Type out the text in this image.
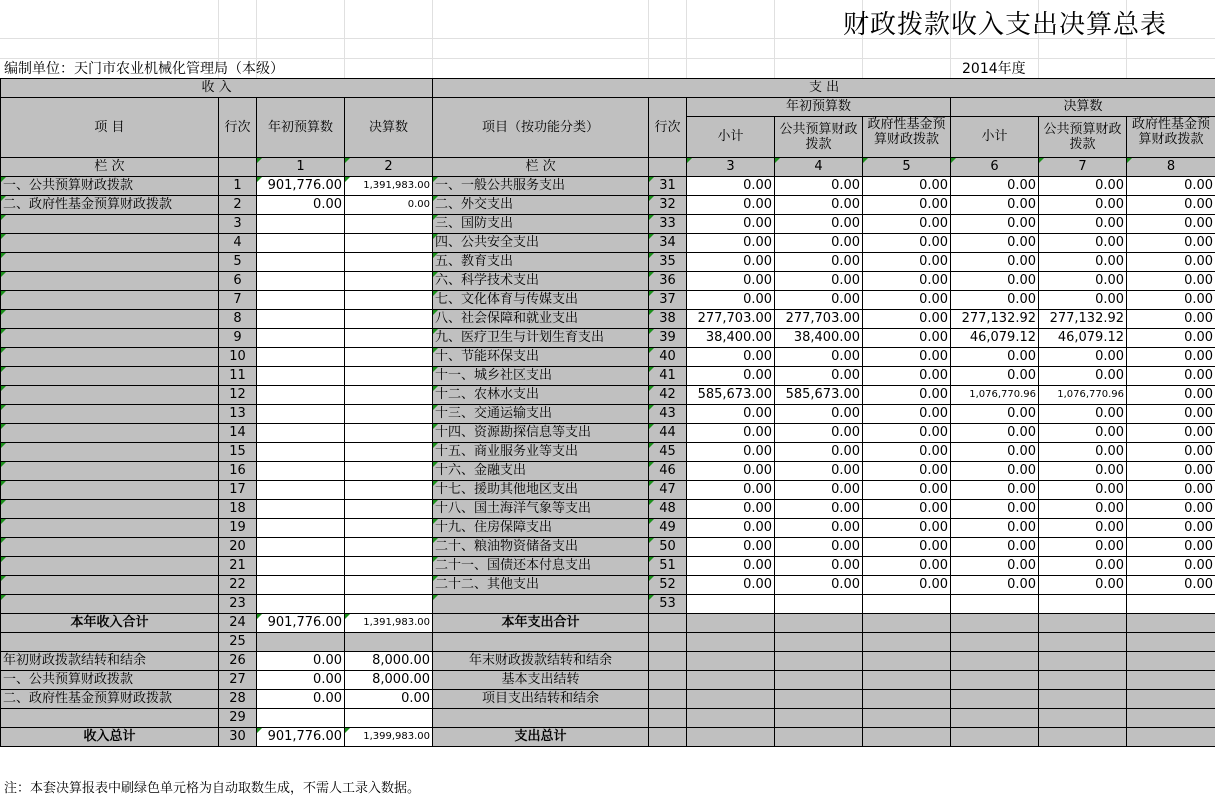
财政拨款收入支出决算总表
编制单位：天门市农业机械化管理局（本级）	2014年度
收 入				支 出							
项 目	行次	年初预算数	决算数	项目（按功能分类）	行次	年初预算数			决算数		
						小计	公共预算财政拨款	政府性基金预算财政拨款	小计	公共预算财政拨款	政府性基金预算财政拨款

栏 次		1	2	栏 次		3	4	5	6	7	8
一、公共预算财政拨款	1	901,776.00	1,391,983.00	一、一般公共服务支出	31	0.00	0.00	0.00	0.00	0.00	0.00
二、政府性基金预算财政拨款	2	0.00	0.00	二、外交支出	32	0.00	0.00	0.00	0.00	0.00	0.00
	3			三、国防支出	33	0.00	0.00	0.00	0.00	0.00	0.00
	4			四、公共安全支出	34	0.00	0.00	0.00	0.00	0.00	0.00
	5			五、教育支出	35	0.00	0.00	0.00	0.00	0.00	0.00
	6			六、科学技术支出	36	0.00	0.00	0.00	0.00	0.00	0.00
	7			七、文化体育与传媒支出	37	0.00	0.00	0.00	0.00	0.00	0.00
	8			八、社会保障和就业支出	38	277,703.00	277,703.00	0.00	277,132.92	277,132.92	0.00
	9			九、医疗卫生与计划生育支出	39	38,400.00	38,400.00	0.00	46,079.12	46,079.12	0.00
	10			十、节能环保支出	40	0.00	0.00	0.00	0.00	0.00	0.00
	11			十一、城乡社区支出	41	0.00	0.00	0.00	0.00	0.00	0.00
	12			十二、农林水支出	42	585,673.00	585,673.00	0.00	1,076,770.96	1,076,770.96	0.00
	13			十三、交通运输支出	43	0.00	0.00	0.00	0.00	0.00	0.00
	14			十四、资源勘探信息等支出	44	0.00	0.00	0.00	0.00	0.00	0.00
	15			十五、商业服务业等支出	45	0.00	0.00	0.00	0.00	0.00	0.00
	16			十六、金融支出	46	0.00	0.00	0.00	0.00	0.00	0.00
	17			十七、援助其他地区支出	47	0.00	0.00	0.00	0.00	0.00	0.00
	18			十八、国土海洋气象等支出	48	0.00	0.00	0.00	0.00	0.00	0.00
	19			十九、住房保障支出	49	0.00	0.00	0.00	0.00	0.00	0.00
	20			二十、粮油物资储备支出	50	0.00	0.00	0.00	0.00	0.00	0.00
	21			二十一、国债还本付息支出	51	0.00	0.00	0.00	0.00	0.00	0.00
	22			二十二、其他支出	52	0.00	0.00	0.00	0.00	0.00	0.00
	23				53						
本年收入合计	24	901,776.00	1,391,983.00	本年支出合计							
	25										
年初财政拨款结转和结余	26	0.00	8,000.00	年末财政拨款结转和结余							
一、公共预算财政拨款	27	0.00	8,000.00	基本支出结转							
二、政府性基金预算财政拨款	28	0.00	0.00	项目支出结转和结余							
	29										
收入总计	30	901,776.00	1,399,983.00	支出总计							
注：本套决算报表中刷绿色单元格为自动取数生成，不需人工录入数据。
